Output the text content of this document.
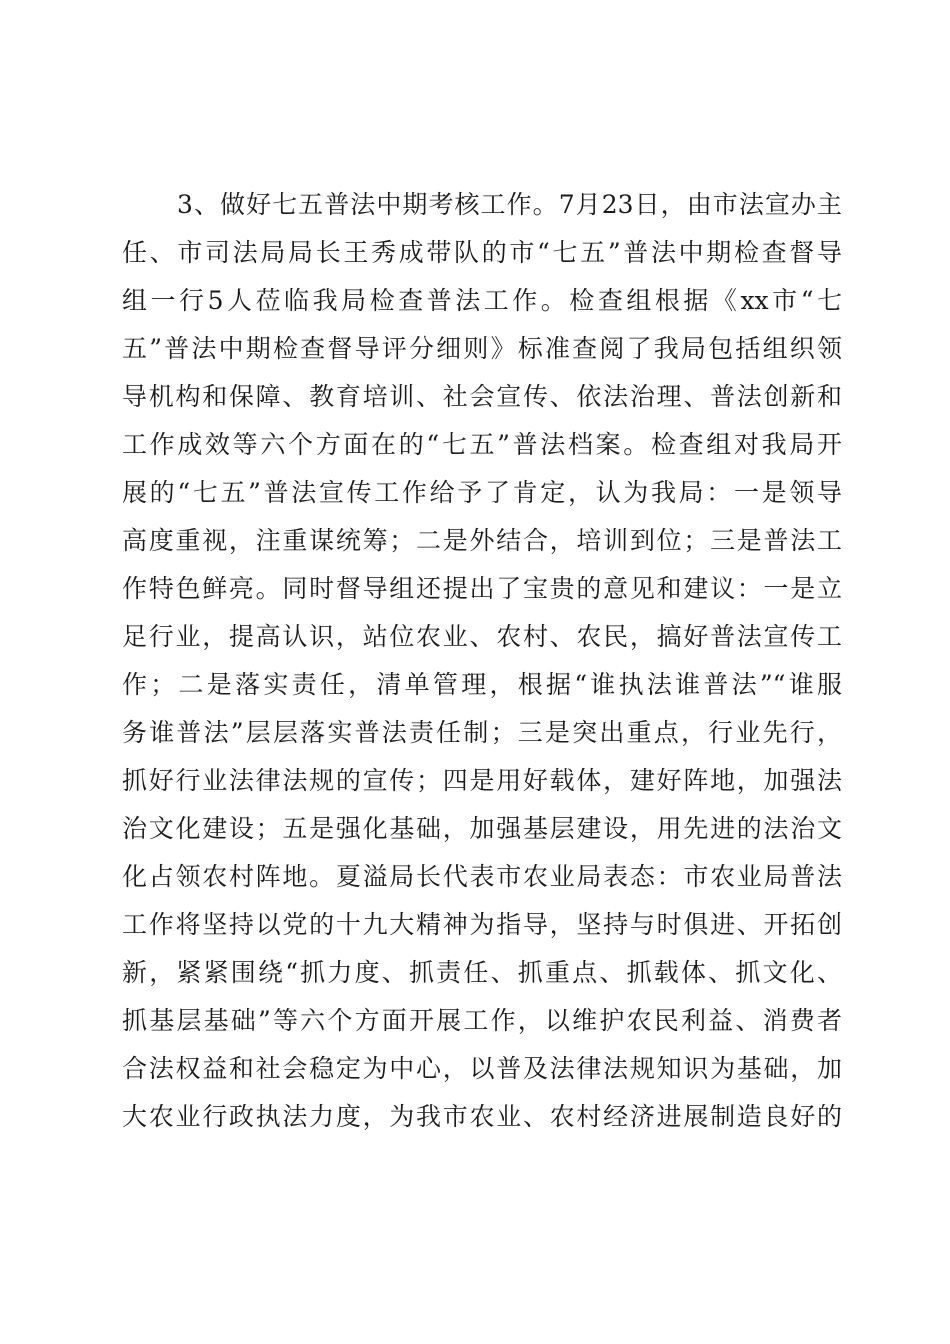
3、做好七五普法中期考核工作。7月23日，由市法宣办主
任、市司法局局长王秀成带队的市“七五”普法中期检查督导
组一行5人莅临我局检查普法工作。检查组根据《xx市“七
五”普法中期检查督导评分细则》标准查阅了我局包括组织领
导机构和保障、教育培训、社会宣传、依法治理、普法创新和
工作成效等六个方面在的“七五”普法档案。检查组对我局开
展的“七五”普法宣传工作给予了肯定，认为我局：一是领导
高度重视，注重谋统筹；二是外结合，培训到位；三是普法工
作特色鲜亮。同时督导组还提出了宝贵的意见和建议：一是立
足行业，提高认识，站位农业、农村、农民，搞好普法宣传工
作；二是落实责任，清单管理，根据“谁执法谁普法”“谁服
务谁普法”层层落实普法责任制；三是突出重点，行业先行，
抓好行业法律法规的宣传；四是用好载体，建好阵地，加强法
治文化建设；五是强化基础，加强基层建设，用先进的法治文
化占领农村阵地。夏溢局长代表市农业局表态：市农业局普法
工作将坚持以党的十九大精神为指导，坚持与时俱进、开拓创
新，紧紧围绕“抓力度、抓责任、抓重点、抓载体、抓文化、
抓基层基础”等六个方面开展工作，以维护农民利益、消费者
合法权益和社会稳定为中心，以普及法律法规知识为基础，加
大农业行政执法力度，为我市农业、农村经济进展制造良好的
